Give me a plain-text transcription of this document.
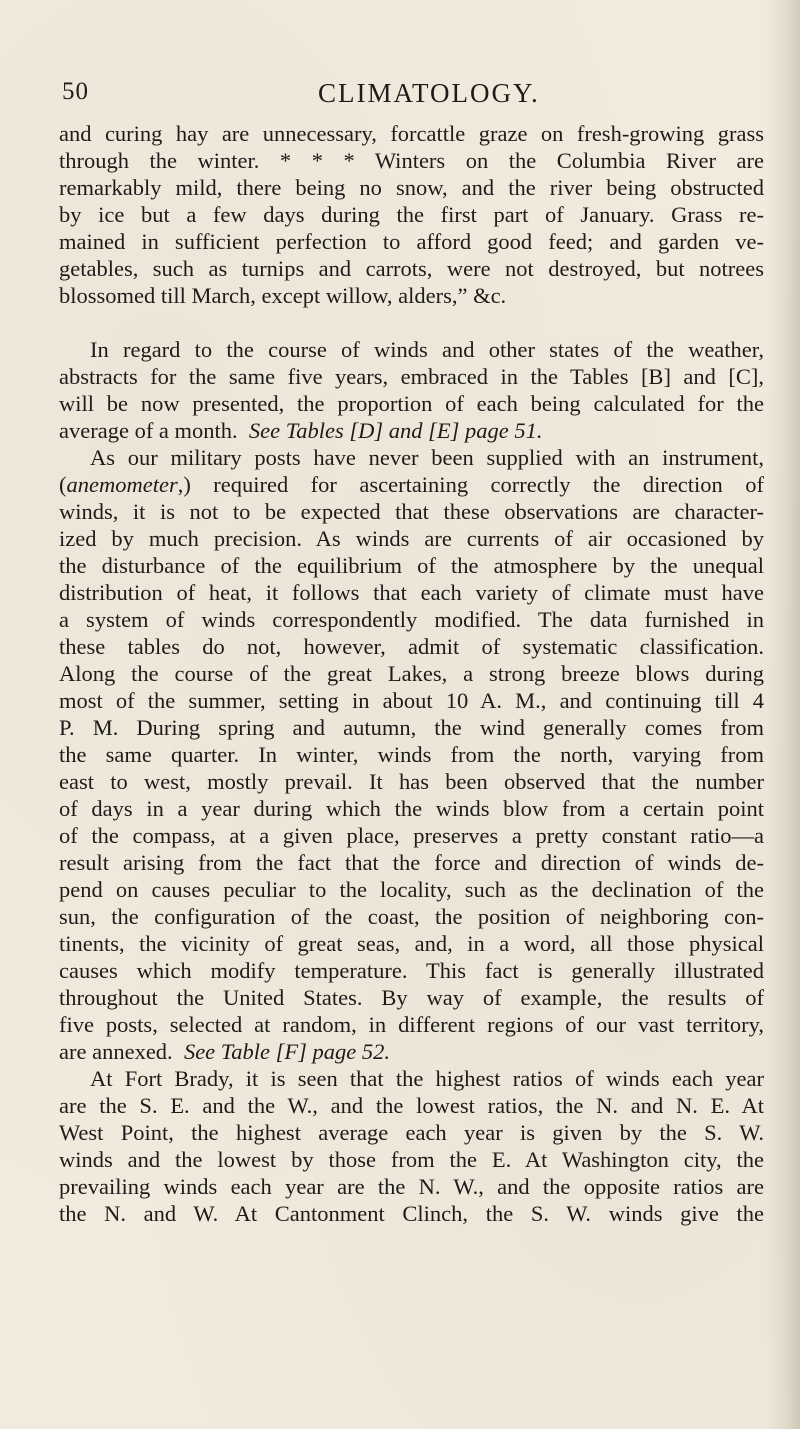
50	CLIMATOLOGY.
and curing hay are unnecessary, forcattle graze on fresh-growing grass
through the winter. * * * Winters on the Columbia River are
remarkably mild, there being no snow, and the river being obstructed
by ice but a few days during the first part of January. Grass re-
mained in sufficient perfection to afford good feed; and garden ve-
getables, such as turnips and carrots, were not destroyed, but notrees
blossomed till March, except willow, alders,” &c.
In regard to the course of winds and other states of the weather,
abstracts for the same five years, embraced in the Tables [B] and [C],
will be now presented, the proportion of each being calculated for the
average of a month. See Tables [D] and [E] page 51.
As our military posts have never been supplied with an instrument,
(anemometer,) required for ascertaining correctly the direction of
winds, it is not to be expected that these observations are character-
ized by much precision. As winds are currents of air occasioned by
the disturbance of the equilibrium of the atmosphere by the unequal
distribution of heat, it follows that each variety of climate must have
a system of winds correspondently modified. The data furnished in
these tables do not, however, admit of systematic classification.
Along the course of the great Lakes, a strong breeze blows during
most of the summer, setting in about 10 A. M., and continuing till 4
P. M. During spring and autumn, the wind generally comes from
the same quarter. In winter, winds from the north, varying from
east to west, mostly prevail. It has been observed that the number
of days in a year during which the winds blow from a certain point
of the compass, at a given place, preserves a pretty constant ratio—a
result arising from the fact that the force and direction of winds de-
pend on causes peculiar to the locality, such as the declination of the
sun, the configuration of the coast, the position of neighboring con-
tinents, the vicinity of great seas, and, in a word, all those physical
causes which modify temperature. This fact is generally illustrated
throughout the United States. By way of example, the results of
five posts, selected at random, in different regions of our vast territory,
are annexed. See Table [F] page 52.
At Fort Brady, it is seen that the highest ratios of winds each year
are the S. E. and the W., and the lowest ratios, the N. and N. E. At
West Point, the highest average each year is given by the S. W.
winds and the lowest by those from the E. At Washington city, the
prevailing winds each year are the N. W., and the opposite ratios are
the N. and W. At Cantonment Clinch, the S. W. winds give the
